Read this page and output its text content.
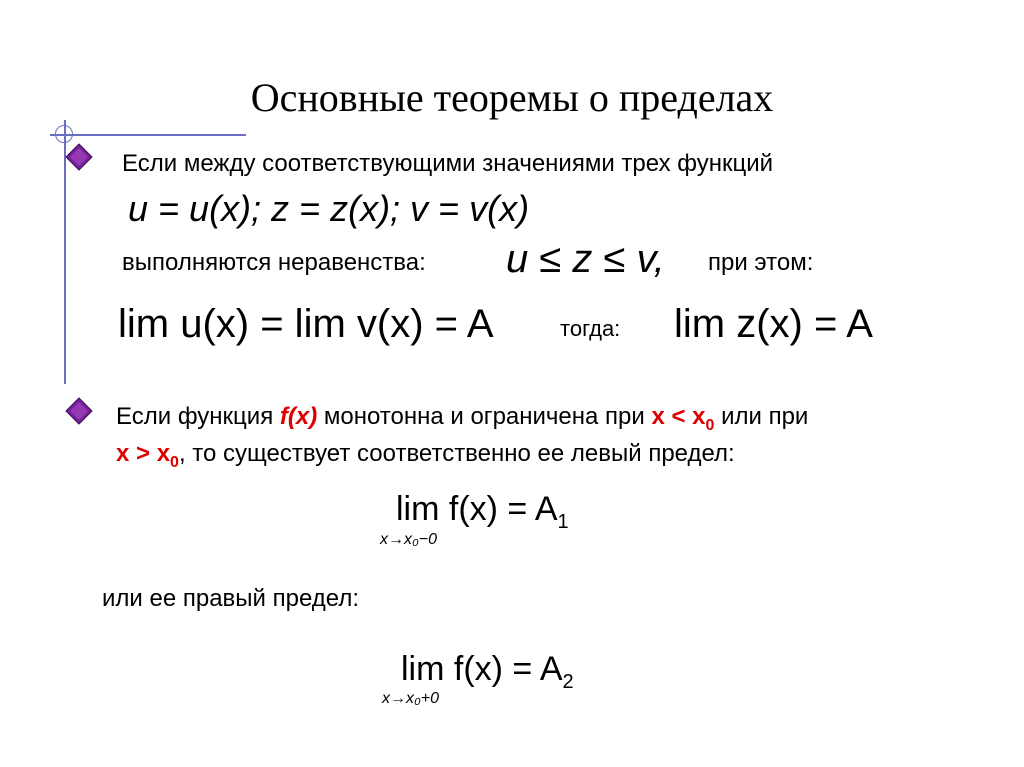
Основные теоремы о пределах
Если между соответствующими значениями трех функций
u = u(x); z = z(x); v = v(x)
выполняются неравенства: u ≤ z ≤ v, при этом:
lim u(x) = lim v(x) = A	тогда: lim z(x) = A
Если функция f(x) монотонна и ограничена при $x < x_0$ или при
$x > x_0$, то существует соответственно ее левый предел:
$\lim f(x) = A_1$
x→x₀−0
или ее правый предел:
$\lim f(x) = A_2$
x→x₀+0
